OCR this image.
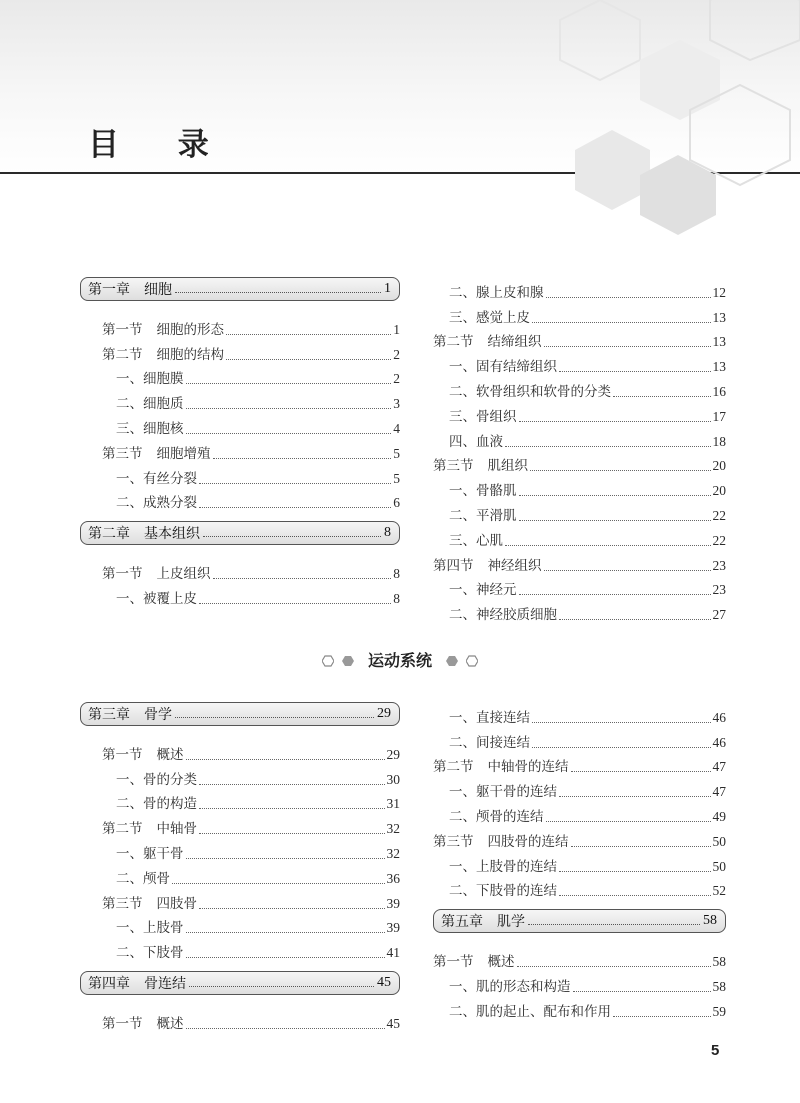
目 录
第一章 细胞	1
第一节 细胞的形态	1
第二节 细胞的结构	2
一、细胞膜	2
二、细胞质	3
三、细胞核	4
第三节 细胞增殖	5
一、有丝分裂	5
二、成熟分裂	6
第二章 基本组织	8
第一节 上皮组织	8
一、被覆上皮	8
二、腺上皮和腺	12
三、感觉上皮	13
第二节 结缔组织	13
一、固有结缔组织	13
二、软骨组织和软骨的分类	16
三、骨组织	17
四、血液	18
第三节 肌组织	20
一、骨骼肌	20
二、平滑肌	22
三、心肌	22
第四节 神经组织	23
一、神经元	23
二、神经胶质细胞	27
运动系统
第三章 骨学	29
第一节 概述	29
一、骨的分类	30
二、骨的构造	31
第二节 中轴骨	32
一、躯干骨	32
二、颅骨	36
第三节 四肢骨	39
一、上肢骨	39
二、下肢骨	41
第四章 骨连结	45
第一节 概述	45
一、直接连结	46
二、间接连结	46
第二节 中轴骨的连结	47
一、躯干骨的连结	47
二、颅骨的连结	49
第三节 四肢骨的连结	50
一、上肢骨的连结	50
二、下肢骨的连结	52
第五章 肌学	58
第一节 概述	58
一、肌的形态和构造	58
二、肌的起止、配布和作用	59
5
